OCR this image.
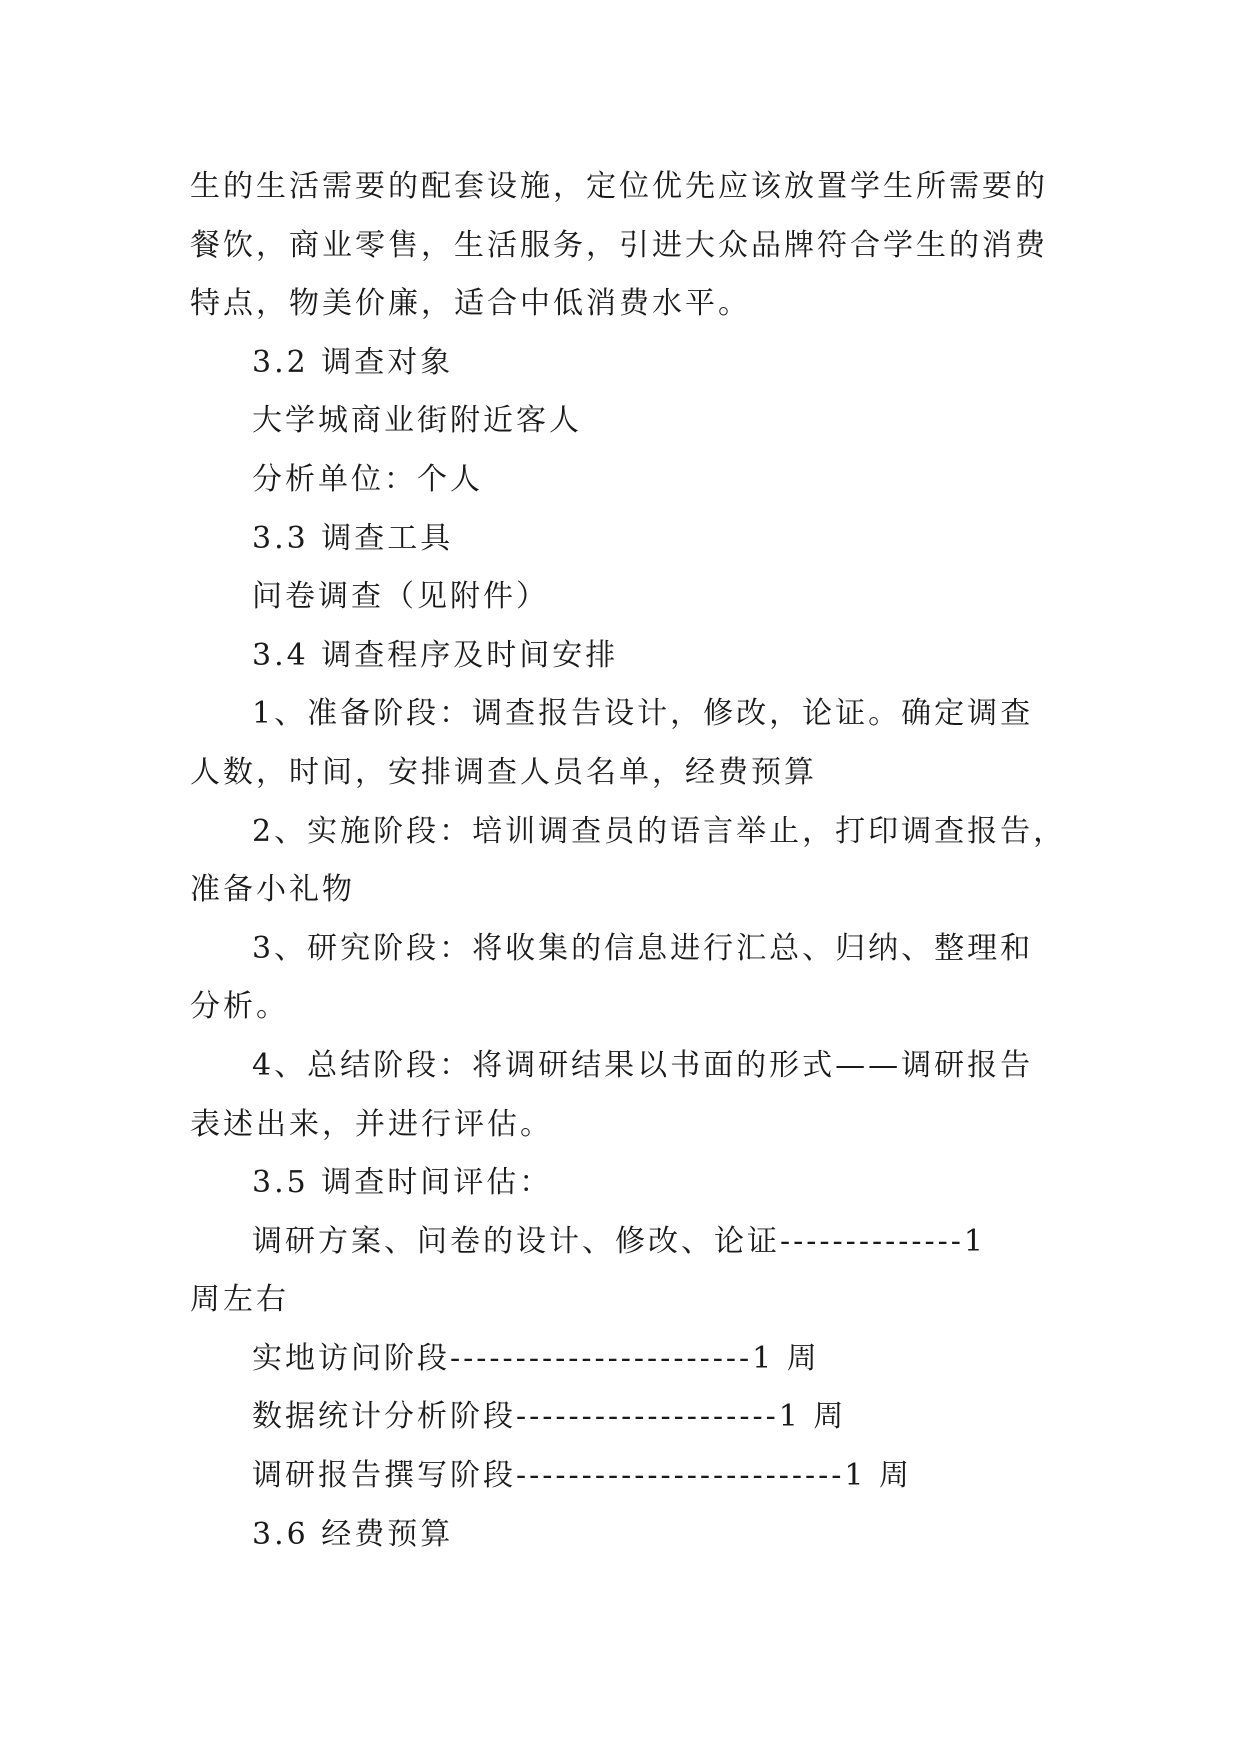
生的生活需要的配套设施，定位优先应该放置学生所需要的
餐饮，商业零售，生活服务，引进大众品牌符合学生的消费
特点，物美价廉，适合中低消费水平。
3.2 调查对象
大学城商业街附近客人
分析单位：个人
3.3 调查工具
问卷调查（见附件）
3.4 调查程序及时间安排
1、准备阶段：调查报告设计，修改，论证。确定调查
人数，时间，安排调查人员名单，经费预算
2、实施阶段：培训调查员的语言举止，打印调查报告，
准备小礼物
3、研究阶段：将收集的信息进行汇总、归纳、整理和
分析。
4、总结阶段：将调研结果以书面的形式——调研报告
表述出来，并进行评估。
3.5 调查时间评估：
调研方案、问卷的设计、修改、论证--------------1
周左右
实地访问阶段-----------------------1 周
数据统计分析阶段--------------------1 周
调研报告撰写阶段-------------------------1 周
3.6 经费预算
